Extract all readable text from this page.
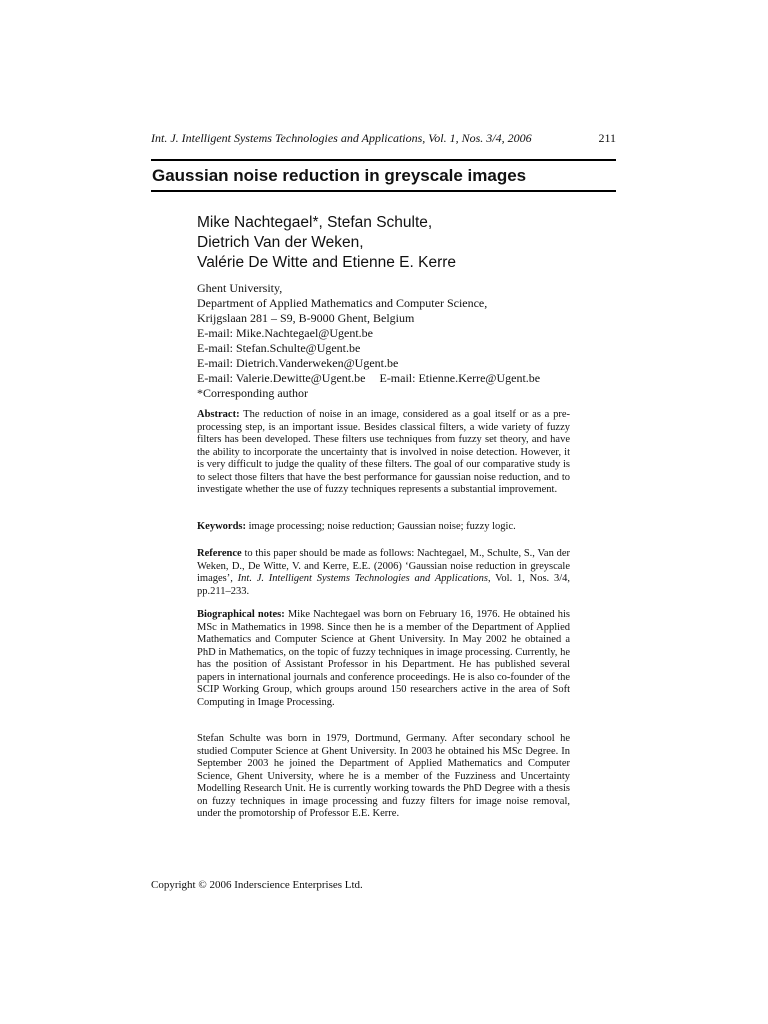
Int. J. Intelligent Systems Technologies and Applications, Vol. 1, Nos. 3/4, 2006	211
Gaussian noise reduction in greyscale images
Mike Nachtegael*, Stefan Schulte,
Dietrich Van der Weken,
Valérie De Witte and Etienne E. Kerre
Ghent University,
Department of Applied Mathematics and Computer Science,
Krijgslaan 281 – S9, B-9000 Ghent, Belgium
E-mail: Mike.Nachtegael@Ugent.be
E-mail: Stefan.Schulte@Ugent.be
E-mail: Dietrich.Vanderweken@Ugent.be
E-mail: Valerie.Dewitte@Ugent.be E-mail: Etienne.Kerre@Ugent.be
*Corresponding author

Abstract: The reduction of noise in an image, considered as a goal itself or as a pre-processing step, is an important issue. Besides classical filters, a wide variety of fuzzy filters has been developed. These filters use techniques from fuzzy set theory, and have the ability to incorporate the uncertainty that is involved in noise detection. However, it is very difficult to judge the quality of these filters. The goal of our comparative study is to select those filters that have the best performance for gaussian noise reduction, and to investigate whether the use of fuzzy techniques represents a substantial improvement.

Keywords: image processing; noise reduction; Gaussian noise; fuzzy logic.

Reference to this paper should be made as follows: Nachtegael, M., Schulte, S., Van der Weken, D., De Witte, V. and Kerre, E.E. (2006) ‘Gaussian noise reduction in greyscale images’, Int. J. Intelligent Systems Technologies and Applications, Vol. 1, Nos. 3/4, pp.211–233.

Biographical notes: Mike Nachtegael was born on February 16, 1976. He obtained his MSc in Mathematics in 1998. Since then he is a member of the Department of Applied Mathematics and Computer Science at Ghent University. In May 2002 he obtained a PhD in Mathematics, on the topic of fuzzy techniques in image processing. Currently, he has the position of Assistant Professor in his Department. He has published several papers in international journals and conference proceedings. He is also co-founder of the SCIP Working Group, which groups around 150 researchers active in the area of Soft Computing in Image Processing.

Stefan Schulte was born in 1979, Dortmund, Germany. After secondary school he studied Computer Science at Ghent University. In 2003 he obtained his MSc Degree. In September 2003 he joined the Department of Applied Mathematics and Computer Science, Ghent University, where he is a member of the Fuzziness and Uncertainty Modelling Research Unit. He is currently working towards the PhD Degree with a thesis on fuzzy techniques in image processing and fuzzy filters for image noise removal, under the promotorship of Professor E.E. Kerre.

Copyright © 2006 Inderscience Enterprises Ltd.
